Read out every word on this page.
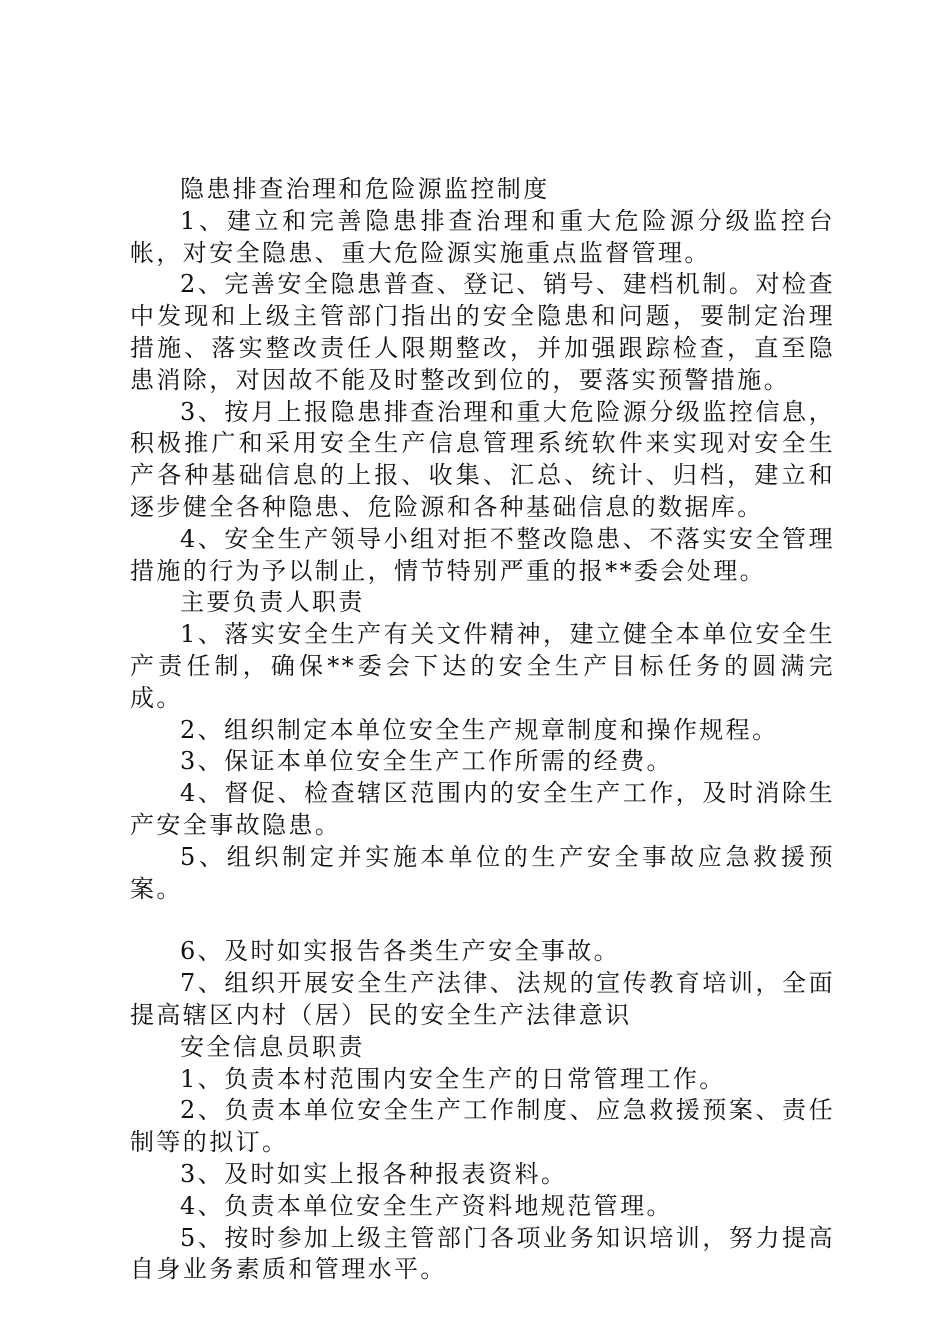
隐患排查治理和危险源监控制度

1、建立和完善隐患排查治理和重大危险源分级监控台帐，对安全隐患、重大危险源实施重点监督管理。

2、完善安全隐患普查、登记、销号、建档机制。对检查中发现和上级主管部门指出的安全隐患和问题，要制定治理措施、落实整改责任人限期整改，并加强跟踪检查，直至隐患消除，对因故不能及时整改到位的，要落实预警措施。

3、按月上报隐患排查治理和重大危险源分级监控信息，积极推广和采用安全生产信息管理系统软件来实现对安全生产各种基础信息的上报、收集、汇总、统计、归档，建立和逐步健全各种隐患、危险源和各种基础信息的数据库。

4、安全生产领导小组对拒不整改隐患、不落实安全管理措施的行为予以制止，情节特别严重的报**委会处理。

主要负责人职责

1、落实安全生产有关文件精神，建立健全本单位安全生产责任制，确保**委会下达的安全生产目标任务的圆满完成。

2、组织制定本单位安全生产规章制度和操作规程。

3、保证本单位安全生产工作所需的经费。

4、督促、检查辖区范围内的安全生产工作，及时消除生产安全事故隐患。

5、组织制定并实施本单位的生产安全事故应急救援预案。

6、及时如实报告各类生产安全事故。

7、组织开展安全生产法律、法规的宣传教育培训，全面提高辖区内村（居）民的安全生产法律意识

安全信息员职责

1、负责本村范围内安全生产的日常管理工作。

2、负责本单位安全生产工作制度、应急救援预案、责任制等的拟订。

3、及时如实上报各种报表资料。

4、负责本单位安全生产资料地规范管理。

5、按时参加上级主管部门各项业务知识培训，努力提高自身业务素质和管理水平。
